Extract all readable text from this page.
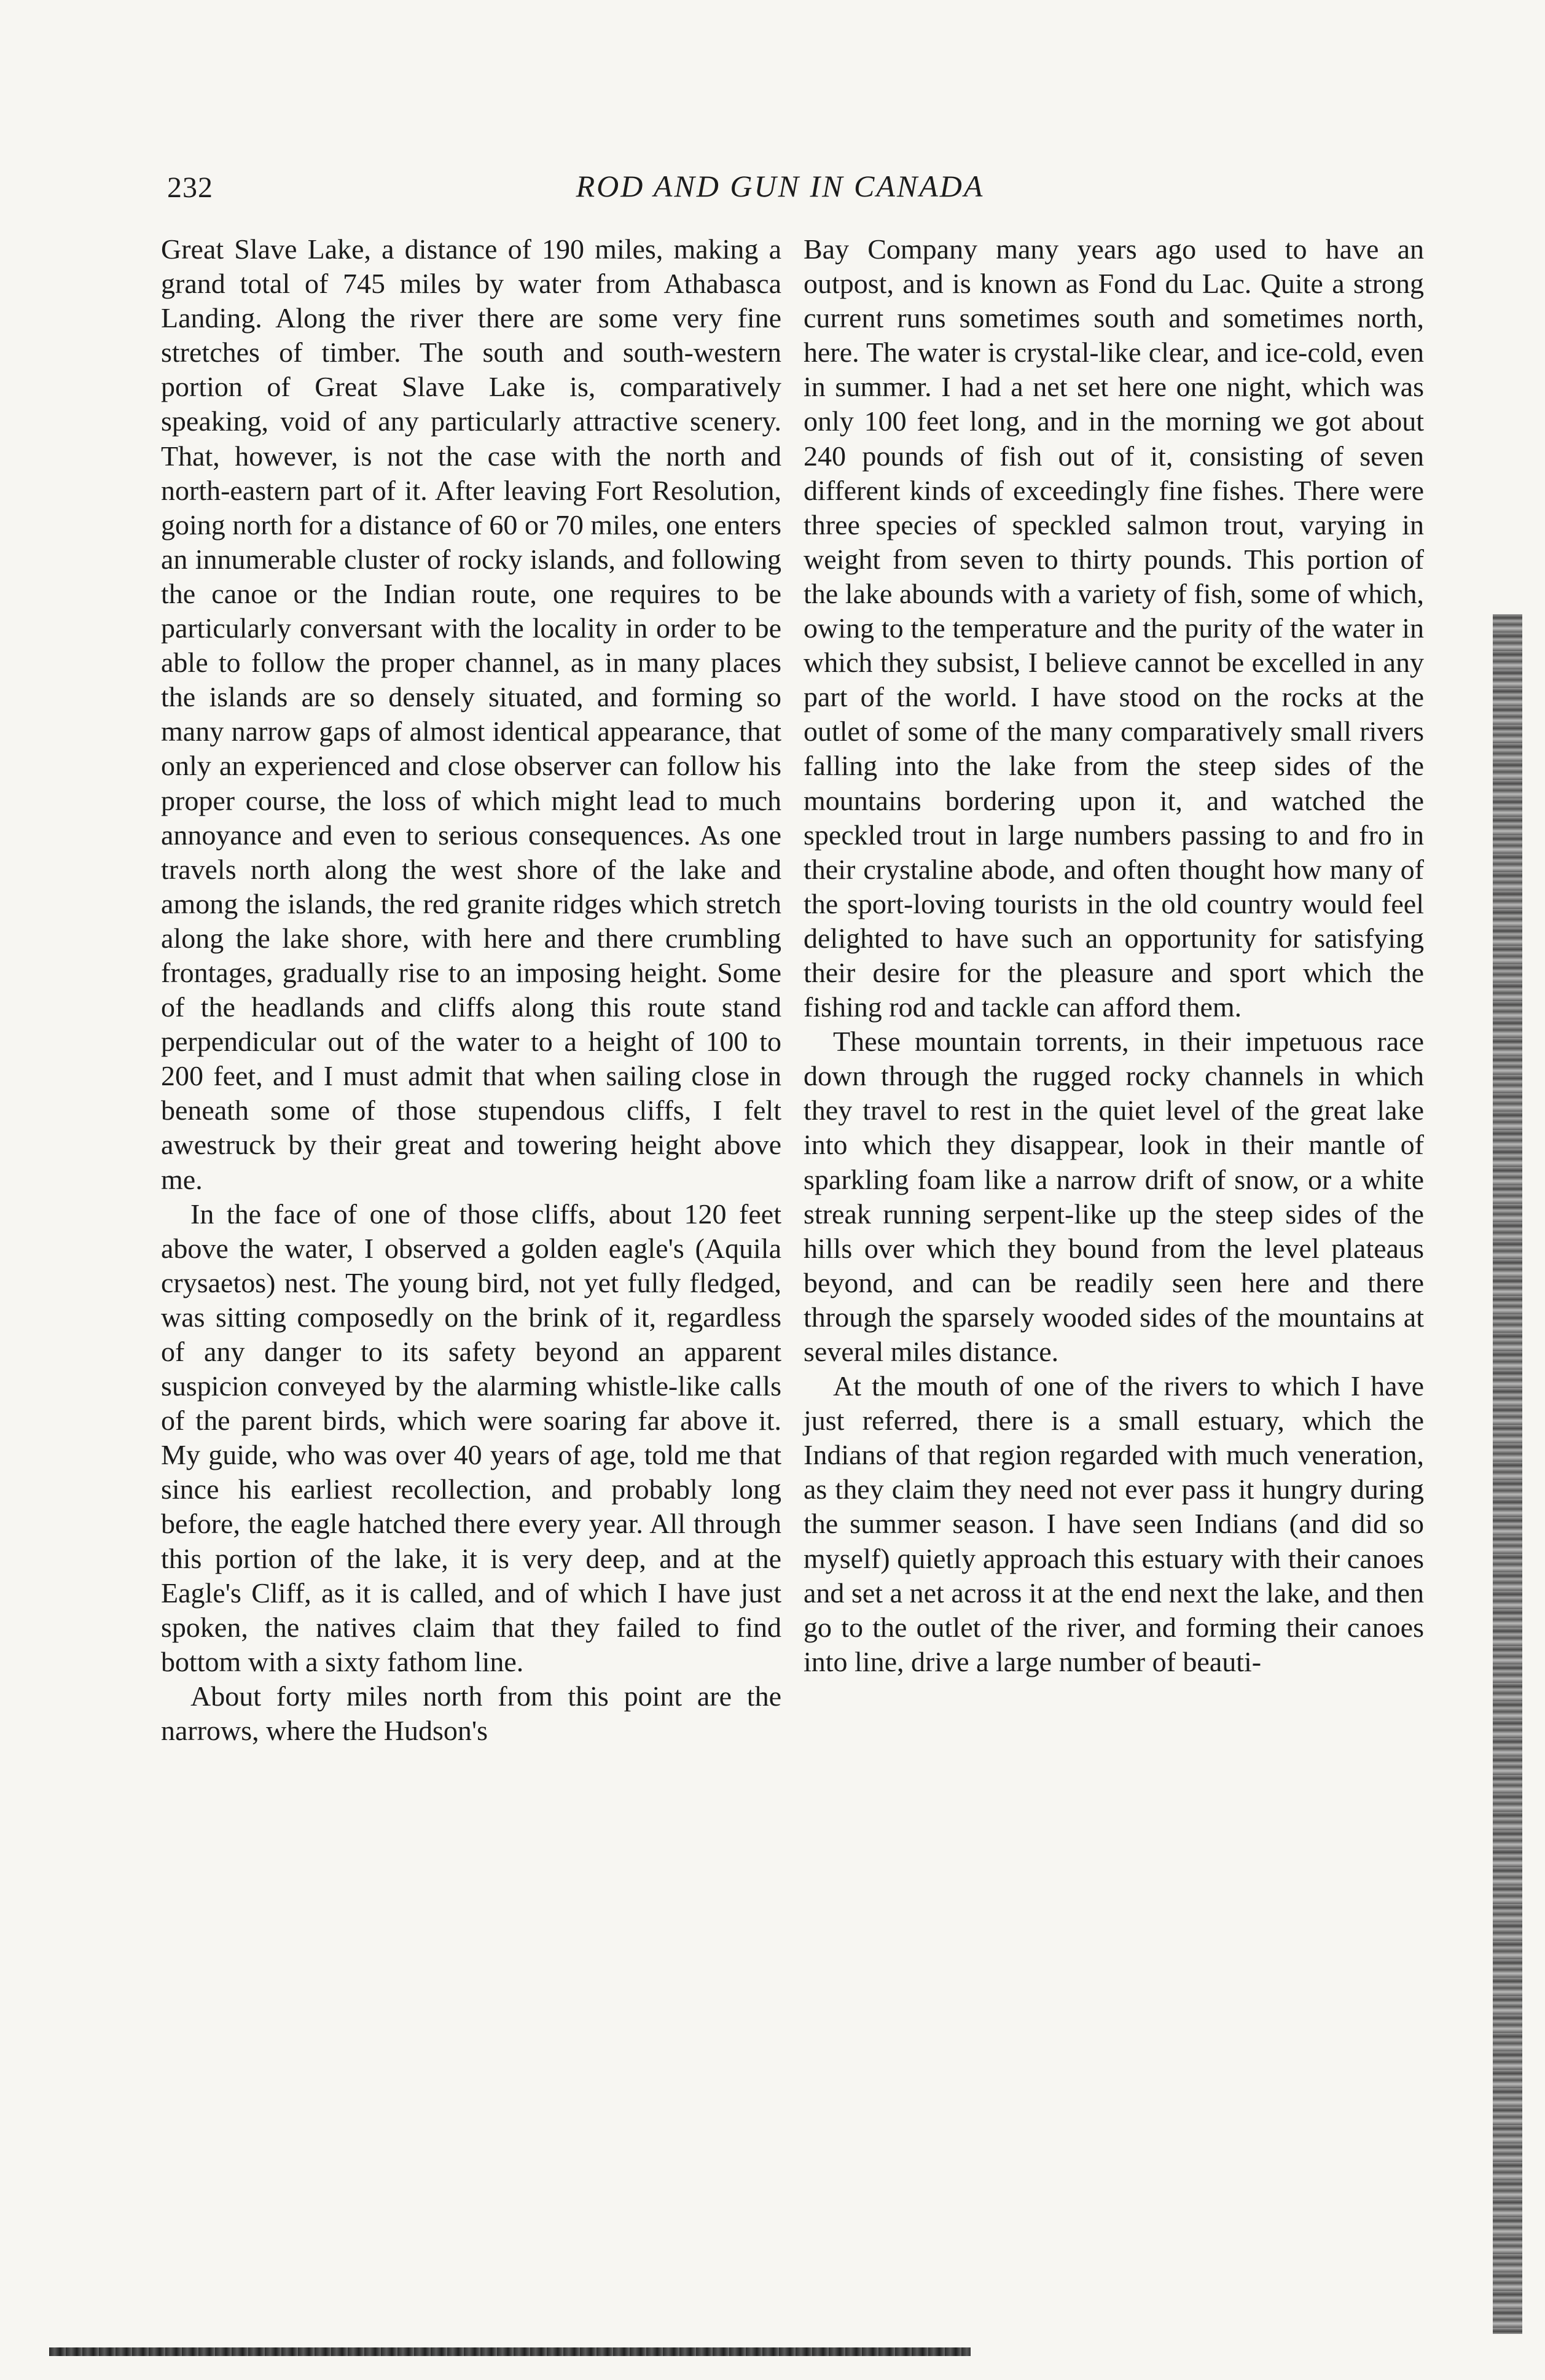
232	ROD AND GUN IN CANADA

Great Slave Lake, a distance of 190 miles, making a grand total of 745 miles by water from Athabasca Landing. Along the river there are some very fine stretches of timber. The south and south-western portion of Great Slave Lake is, comparatively speaking, void of any particularly attractive scenery. That, however, is not the case with the north and north-eastern part of it. After leaving Fort Resolution, going north for a distance of 60 or 70 miles, one enters an innumerable cluster of rocky islands, and following the canoe or the Indian route, one requires to be particularly conversant with the locality in order to be able to follow the proper channel, as in many places the islands are so densely situated, and forming so many narrow gaps of almost identical appearance, that only an experienced and close observer can follow his proper course, the loss of which might lead to much annoyance and even to serious consequences. As one travels north along the west shore of the lake and among the islands, the red granite ridges which stretch along the lake shore, with here and there crumbling frontages, gradually rise to an imposing height. Some of the headlands and cliffs along this route stand perpendicular out of the water to a height of 100 to 200 feet, and I must admit that when sailing close in beneath some of those stupendous cliffs, I felt awestruck by their great and towering height above me.

In the face of one of those cliffs, about 120 feet above the water, I observed a golden eagle's (Aquila crysaetos) nest. The young bird, not yet fully fledged, was sitting composedly on the brink of it, regardless of any danger to its safety beyond an apparent suspicion conveyed by the alarming whistle-like calls of the parent birds, which were soaring far above it. My guide, who was over 40 years of age, told me that since his earliest recollection, and probably long before, the eagle hatched there every year. All through this portion of the lake, it is very deep, and at the Eagle's Cliff, as it is called, and of which I have just spoken, the natives claim that they failed to find bottom with a sixty fathom line.

About forty miles north from this point are the narrows, where the Hudson's

Bay Company many years ago used to have an outpost, and is known as Fond du Lac. Quite a strong current runs sometimes south and sometimes north, here. The water is crystal-like clear, and ice-cold, even in summer. I had a net set here one night, which was only 100 feet long, and in the morning we got about 240 pounds of fish out of it, consisting of seven different kinds of exceedingly fine fishes. There were three species of speckled salmon trout, varying in weight from seven to thirty pounds. This portion of the lake abounds with a variety of fish, some of which, owing to the temperature and the purity of the water in which they subsist, I believe cannot be excelled in any part of the world. I have stood on the rocks at the outlet of some of the many comparatively small rivers falling into the lake from the steep sides of the mountains bordering upon it, and watched the speckled trout in large numbers passing to and fro in their crystaline abode, and often thought how many of the sport-loving tourists in the old country would feel delighted to have such an opportunity for satisfying their desire for the pleasure and sport which the fishing rod and tackle can afford them.

These mountain torrents, in their impetuous race down through the rugged rocky channels in which they travel to rest in the quiet level of the great lake into which they disappear, look in their mantle of sparkling foam like a narrow drift of snow, or a white streak running serpent-like up the steep sides of the hills over which they bound from the level plateaus beyond, and can be readily seen here and there through the sparsely wooded sides of the mountains at several miles distance.

At the mouth of one of the rivers to which I have just referred, there is a small estuary, which the Indians of that region regarded with much veneration, as they claim they need not ever pass it hungry during the summer season. I have seen Indians (and did so myself) quietly approach this estuary with their canoes and set a net across it at the end next the lake, and then go to the outlet of the river, and forming their canoes into line, drive a large number of beauti-
